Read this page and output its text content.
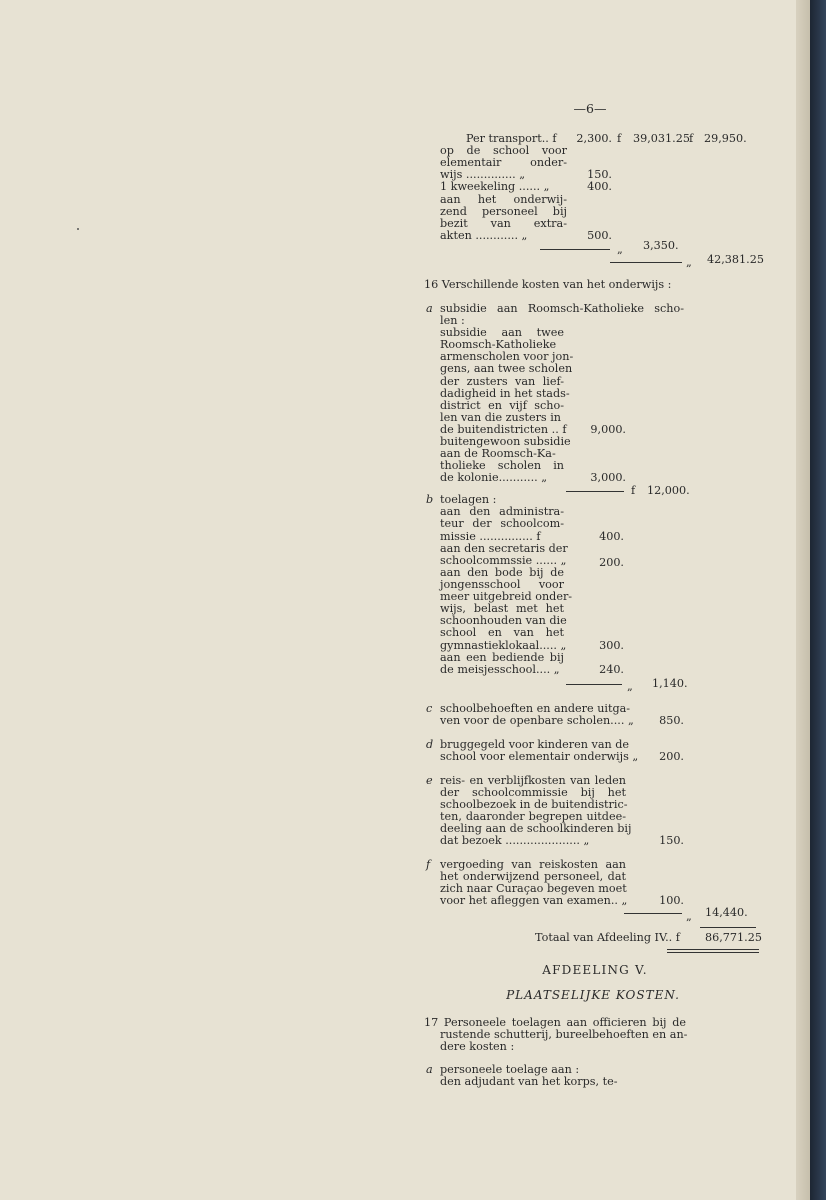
—6—
Per transport.. f	2,300. f 39,031.25 f 29,950.
op de school voor
elementair onder-
wijs .............. „	150.
1 kweekeling ...... „	400.
aan het onderwij-
zend personeel bij
bezit van extra-
akten ............ „	500.
„ 3,350.
„ 42,381.25
16 Verschillende kosten van het onderwijs :
a subsidie aan Roomsch-Katholieke scho-
len :
subsidie aan twee
Roomsch-Katholieke
armenscholen voor jon-
gens, aan twee scholen
der zusters van lief-
dadigheid in het stads-
district en vijf scho-
len van die zusters in
de buitendistricten .. f	9,000.
buitengewoon subsidie
aan de Roomsch-Ka-
tholieke scholen in
de kolonie........... „	3,000.
f 12,000.
b toelagen :
aan den administra-
teur der schoolcom-
missie ............... f	400.
aan den secretaris der
schoolcommssie ...... „	200.
aan den bode bij de
jongensschool voor
meer uitgebreid onder-
wijs, belast met het
schoonhouden van die
school en van het
gymnastieklokaal..... „	300.
aan een bediende bij
de meisjesschool.... „	240.
„ 1,140.
c schoolbehoeften en andere uitga-
ven voor de openbare scholen.... „	850.
d bruggegeld voor kinderen van de
school voor elementair onderwijs „	200.
e reis- en verblijfkosten van leden
der schoolcommissie bij het
schoolbezoek in de buitendistric-
ten, daaronder begrepen uitdee-
deeling aan de schoolkinderen bij
dat bezoek ..................... „	150.
f vergoeding van reiskosten aan
het onderwijzend personeel, dat
zich naar Curaçao begeven moet
voor het afleggen van examen.. „	100.
„ 14,440.
Totaal van Afdeeling IV.. f 86,771.25
AFDEELING V.
PLAATSELIJKE KOSTEN.
17 Personeele toelagen aan officieren bij de
rustende schutterij, bureelbehoeften en an-
dere kosten :
a personeele toelage aan :
den adjudant van het korps, te-
